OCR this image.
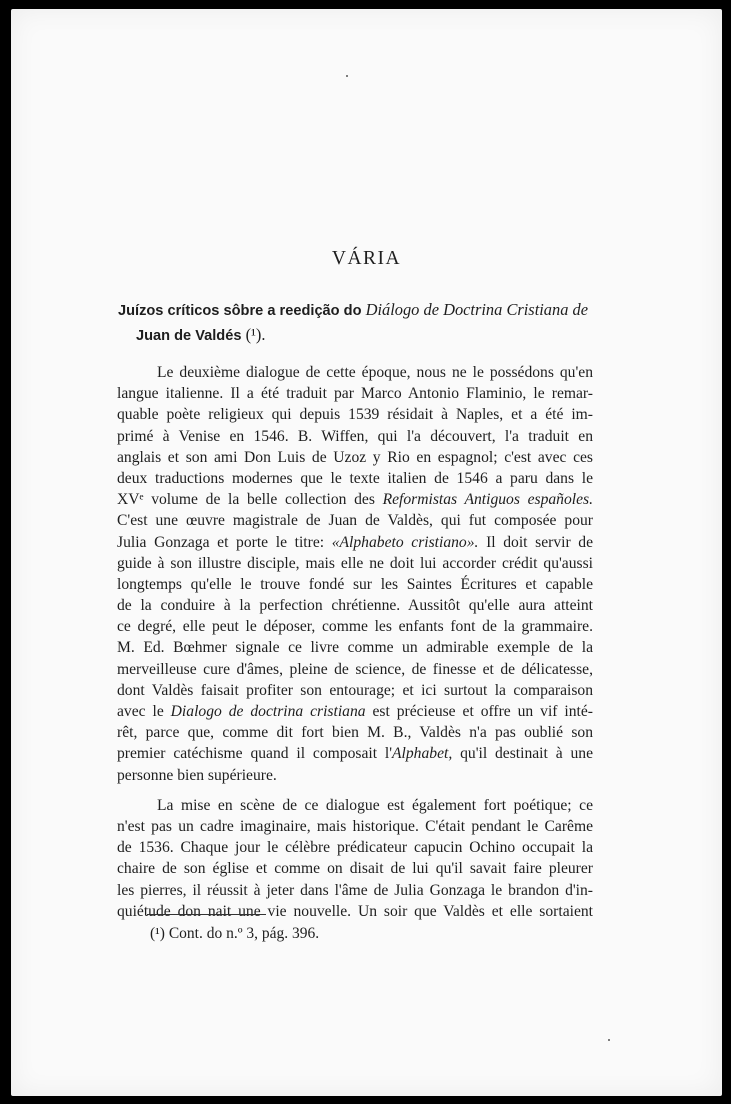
VÁRIA
Juízos críticos sôbre a reedição do Diálogo de Doctrina Cristiana de
Juan de Valdés (¹).
Le deuxième dialogue de cette époque, nous ne le possédons qu'en
langue italienne. Il a été traduit par Marco Antonio Flaminio, le remar-
quable poète religieux qui depuis 1539 résidait à Naples, et a été im-
primé à Venise en 1546. B. Wiffen, qui l'a découvert, l'a traduit en
anglais et son ami Don Luis de Uzoz y Rio en espagnol; c'est avec ces
deux traductions modernes que le texte italien de 1546 a paru dans le
XVᵉ volume de la belle collection des Reformistas Antiguos españoles.
C'est une œuvre magistrale de Juan de Valdès, qui fut composée pour
Julia Gonzaga et porte le titre: «Alphabeto cristiano». Il doit servir de
guide à son illustre disciple, mais elle ne doit lui accorder crédit qu'aussi
longtemps qu'elle le trouve fondé sur les Saintes Écritures et capable
de la conduire à la perfection chrétienne. Aussitôt qu'elle aura atteint
ce degré, elle peut le déposer, comme les enfants font de la grammaire.
M. Ed. Bœhmer signale ce livre comme un admirable exemple de la
merveilleuse cure d'âmes, pleine de science, de finesse et de délicatesse,
dont Valdès faisait profiter son entourage; et ici surtout la comparaison
avec le Dialogo de doctrina cristiana est précieuse et offre un vif inté-
rêt, parce que, comme dit fort bien M. B., Valdès n'a pas oublié son
premier catéchisme quand il composait l'Alphabet, qu'il destinait à une
personne bien supérieure.
La mise en scène de ce dialogue est également fort poétique; ce
n'est pas un cadre imaginaire, mais historique. C'était pendant le Carême
de 1536. Chaque jour le célèbre prédicateur capucin Ochino occupait la
chaire de son église et comme on disait de lui qu'il savait faire pleurer
les pierres, il réussit à jeter dans l'âme de Julia Gonzaga le brandon d'in-
quiétude don nait une vie nouvelle. Un soir que Valdès et elle sortaient
(¹) Cont. do n.º 3, pág. 396.
